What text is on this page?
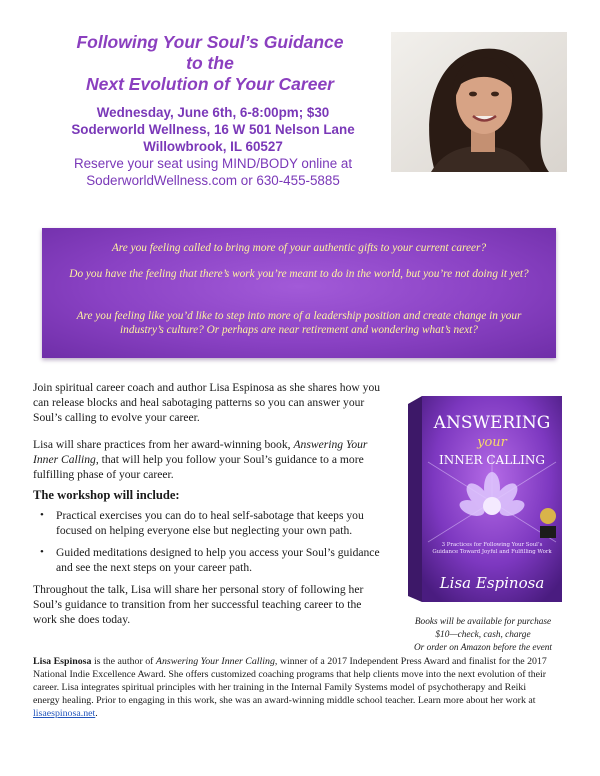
Following Your Soul’s Guidance
to the
Next Evolution of Your Career
Wednesday, June 6th, 6-8:00pm; $30
Soderworld Wellness, 16 W 501 Nelson Lane
Willowbrook, IL 60527
Reserve your seat using MIND/BODY online at
SoderworldWellness.com or 630-455-5885
Are you feeling called to bring more of your authentic gifts to your current career?
Do you have the feeling that there’s work you’re meant to do in the world, but you’re not doing it yet?
Are you feeling like you’d like to step into more of a leadership position and create change in your industry’s culture? Or perhaps are near retirement and wondering what’s next?
Join spiritual career coach and author Lisa Espinosa as she shares how you can release blocks and heal sabotaging patterns so you can answer your Soul’s calling to evolve your career.
Lisa will share practices from her award-winning book, Answering Your Inner Calling, that will help you follow your Soul’s guidance to a more fulfilling phase of your career.
The workshop will include:
• Practical exercises you can do to heal self-sabotage that keeps you focused on helping everyone else but neglecting your own path.
• Guided meditations designed to help you access your Soul’s guidance and see the next steps on your career path.
Throughout the talk, Lisa will share her personal story of following her Soul’s guidance to transition from her successful teaching career to the work she does today.
ANSWERING
your
INNER CALLING
3 Practices for Following Your Soul’s Guidance Toward Joyful and Fulfilling Work
Lisa Espinosa
Books will be available for purchase
$10—check, cash, charge
Or order on Amazon before the event
Lisa Espinosa is the author of Answering Your Inner Calling, winner of a 2017 Independent Press Award and finalist for the 2017 National Indie Excellence Award. She offers customized coaching programs that help clients move into the next evolution of their career. Lisa integrates spiritual principles with her training in the Internal Family Systems model of psychotherapy and Reiki energy healing. Prior to engaging in this work, she was an award-winning middle school teacher. Learn more about her work at lisaespinosa.net.
